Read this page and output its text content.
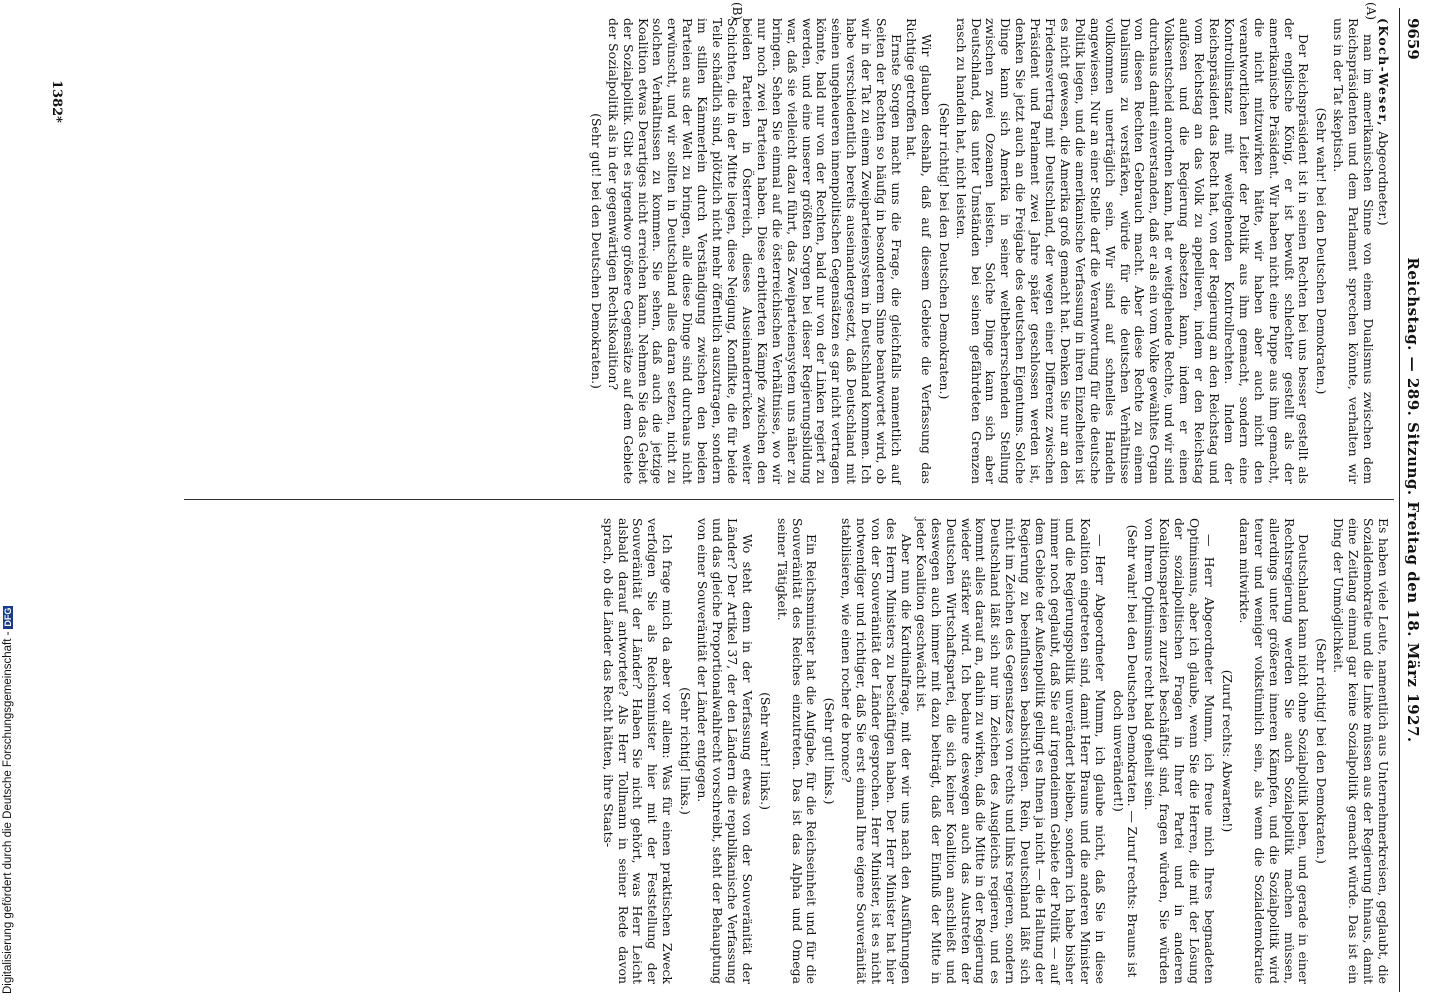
Reichstag. — 289. Sitzung. Freitag den 18. März 1927.
9659

(Koch-Weser, Abgeordneter.)

man im amerikanischen Sinne von einem Dualismus zwischen dem Reichspräsidenten und dem Parlament sprechen könnte, verhalten wir uns in der Tat skeptisch.

(Sehr wahr! bei den Deutschen Demokraten.)

Der Reichspräsident ist in seinen Rechten bei uns besser gestellt als der englische König, er ist bewußt schlechter gestellt als der amerikanische Präsident. Wir haben nicht eine Puppe aus ihm gemacht, die nicht mitzuwirken hätte, wir haben aber auch nicht den verantwortlichen Leiter der Politik aus ihm gemacht, sondern eine Kontrollinstanz mit weitgehenden Kontrollrechten. Indem der Reichspräsident das Recht hat, von der Regierung an den Reichstag und vom Reichstag an das Volk zu appellieren, indem er den Reichstag auflösen und die Regierung absetzen kann, indem er einen Volksentscheid anordnen kann, hat er weitgehende Rechte, und wir sind durchaus damit einverstanden, daß er als ein vom Volke gewähltes Organ von diesen Rechten Gebrauch macht. Aber diese Rechte zu einem Dualismus zu verstärken, würde für die deutschen Verhältnisse vollkommen unerträglich sein. Wir sind auf schnelles Handeln angewiesen. Nur an einer Stelle darf die Verantwortung für die deutsche Politik liegen, und die amerikanische Verfassung in ihren Einzelheiten ist es nicht gewesen, die Amerika groß gemacht hat. Denken Sie nur an den Friedensvertrag mit Deutschland, der wegen einer Differenz zwischen Präsident und Parlament zwei Jahre später geschlossen werden ist, denken Sie jetzt auch an die Freigabe des deutschen Eigentums. Solche Dinge kann sich Amerika in seiner weltbeherrschenden Stellung zwischen zwei Ozeanen leisten. Solche Dinge kann sich aber Deutschland, das unter Umständen bei seinen gefährdeten Grenzen rasch zu handeln hat, nicht leisten.

(Sehr richtig! bei den Deutschen Demokraten.)

Wir glauben deshalb, daß auf diesem Gebiete die Verfassung das Richtige getroffen hat.

Ernste Sorgen macht uns die Frage, die gleichfalls namentlich auf Seiten der Rechten so häufig in besonderem Sinne beantwortet wird, ob wir in der Tat zu einem Zweiparteiensystem in Deutschland kommen. Ich habe verschiedentlich bereits auseinandergesetzt, daß Deutschland mit seinen ungeheueren innenpolitischen Gegensätzen es gar nicht vertragen könnte, bald nur von der Rechten, bald nur von der Linken regiert zu werden, und eine unserer größten Sorgen bei dieser Regierungsbildung war, daß sie vielleicht dazu führt, das Zweiparteiensystem uns näher zu bringen. Sehen Sie einmal auf die österreichischen Verhältnisse, wo wir nur noch zwei Parteien haben. Diese erbitterten Kämpfe zwischen den beiden Parteien in Österreich, dieses Auseinanderrücken weiter Schichten, die in der Mitte liegen, diese Neigung, Konflikte, die für beide Teile schädlich sind, plötzlich nicht mehr öffentlich auszutragen, sondern im stillen Kämmerlein durch Verständigung zwischen den beiden Parteien aus der Welt zu bringen, alle diese Dinge sind durchaus nicht erwünscht, und wir sollten in Deutschland alles daran setzen, nicht zu solchen Verhältnissen zu kommen. Sie sehen, daß auch die jetzige Koalition etwas Derartiges nicht erreichen kann. Nehmen Sie das Gebiet der Sozialpolitik. Gibt es irgendwo größere Gegensätze auf dem Gebiete der Sozialpolitik als in der gegenwärtigen Rechtskoalition?

(Sehr gut! bei den Deutschen Demokraten.)

Es haben viele Leute, namentlich aus Unternehmerkreisen, geglaubt, die Sozialdemokratie und die Linke müssen aus der Regierung hinaus, damit eine Zeitlang einmal gar keine Sozialpolitik gemacht würde. Das ist ein Ding der Unmöglichkeit.

(Sehr richtig! bei den Demokraten.)

Deutschland kann nicht ohne Sozialpolitik leben, und gerade in einer Rechtsregierung werden Sie auch Sozialpolitik machen müssen, allerdings unter größeren inneren Kämpfen, und die Sozialpolitik wird teurer und weniger volkstümlich sein, als wenn die Sozialdemokratie daran mitwirkte.

(Zuruf rechts: Abwarten!)

— Herr Abgeordneter Mumm, ich freue mich Ihres begnadeten Optimismus, aber ich glaube, wenn Sie die Herren, die mit der Lösung der sozialpolitischen Fragen in Ihrer Partei und in anderen Koalitionsparteien zurzeit beschäftigt sind, fragen würden, Sie würden von Ihrem Optimismus recht bald geheilt sein.

(Sehr wahr! bei den Deutschen Demokraten. — Zuruf rechts: Brauns ist doch unverändert!)

— Herr Abgeordneter Mumm, ich glaube nicht, daß Sie in diese Koalition eingetreten sind, damit Herr Brauns und die anderen Minister und die Regierungspolitik unverändert bleiben, sondern ich habe bisher immer noch geglaubt, daß Sie auf irgendeinem Gebiete der Politik — auf dem Gebiete der Außenpolitik gelingt es Ihnen ja nicht — die Haltung der Regierung zu beeinflussen beabsichtigen. Rein, Deutschland läßt sich nicht im Zeichen des Gegensatzes von rechts und links regieren, sondern Deutschland läßt sich nur im Zeichen des Ausgleichs regieren, und es kommt alles darauf an, dahin zu wirken, daß die Mitte in der Regierung wieder stärker wird. Ich bedaure deswegen auch das Austreten der Deutschen Wirtschaftspartei, die sich keiner Koalition anschließt und deswegen auch immer mit dazu beiträgt, daß der Einfluß der Mitte in jeder Koalition geschwächt ist.

Aber nun die Kardinalfrage, mit der wir uns nach den Ausführungen des Herrn Ministers zu beschäftigen haben. Der Herr Minister hat hier von der Souveränität der Länder gesprochen. Herr Minister, ist es nicht notwendiger und richtiger, daß Sie erst einmal Ihre eigene Souveränität stabilisieren, wie einen rocher de bronce?

(Sehr gut! links.)

Ein Reichsminister hat die Aufgabe, für die Reichseinheit und für die Souveränität des Reiches einzutreten. Das ist das Alpha und Omega seiner Tätigkeit.

(Sehr wahr! links.)

Wo steht denn in der Verfassung etwas von der Souveränität der Länder? Der Artikel 37, der den Ländern die republikanische Verfassung und das gleiche Proportionalwahlrecht vorschreibt, steht der Behauptung von einer Souveränität der Länder entgegen.

(Sehr richtig! links.)

Ich frage mich da aber vor allem: Was für einen praktischen Zweck verfolgen Sie als Reichsminister hier mit der Feststellung der Souveränität der Länder? Haben Sie nicht gehört, was Herr Leicht alsbald darauf antwortete? Als Herr Tollmann in seiner Rede davon sprach, ob die Länder das Recht hätten, ihre Staats-

(A)
(B)
1382*
Digitalisierung gefördert durch die Deutsche Forschungsgemeinschaft -DFG
